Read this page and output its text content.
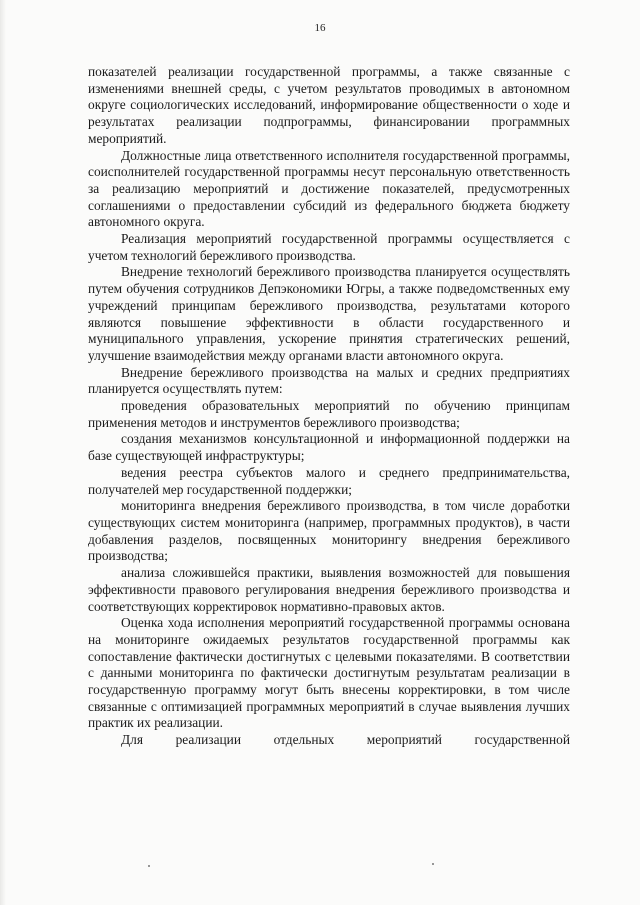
16

показателей реализации государственной программы, а также связанные с изменениями внешней среды, с учетом результатов проводимых в автономном округе социологических исследований, информирование общественности о ходе и результатах реализации подпрограммы, финансировании программных мероприятий.

Должностные лица ответственного исполнителя государственной программы, соисполнителей государственной программы несут персональную ответственность за реализацию мероприятий и достижение показателей, предусмотренных соглашениями о предоставлении субсидий из федерального бюджета бюджету автономного округа.

Реализация мероприятий государственной программы осуществляется с учетом технологий бережливого производства.

Внедрение технологий бережливого производства планируется осуществлять путем обучения сотрудников Депэкономики Югры, а также подведомственных ему учреждений принципам бережливого производства, результатами которого являются повышение эффективности в области государственного и муниципального управления, ускорение принятия стратегических решений, улучшение взаимодействия между органами власти автономного округа.

Внедрение бережливого производства на малых и средних предприятиях планируется осуществлять путем:

проведения образовательных мероприятий по обучению принципам применения методов и инструментов бережливого производства;

создания механизмов консультационной и информационной поддержки на базе существующей инфраструктуры;

ведения реестра субъектов малого и среднего предпринимательства, получателей мер государственной поддержки;

мониторинга внедрения бережливого производства, в том числе доработки существующих систем мониторинга (например, программных продуктов), в части добавления разделов, посвященных мониторингу внедрения бережливого производства;

анализа сложившейся практики, выявления возможностей для повышения эффективности правового регулирования внедрения бережливого производства и соответствующих корректировок нормативно-правовых актов.

Оценка хода исполнения мероприятий государственной программы основана на мониторинге ожидаемых результатов государственной программы как сопоставление фактически достигнутых с целевыми показателями. В соответствии с данными мониторинга по фактически достигнутым результатам реализации в государственную программу могут быть внесены корректировки, в том числе связанные с оптимизацией программных мероприятий в случае выявления лучших практик их реализации.

Для реализации отдельных мероприятий государственной
